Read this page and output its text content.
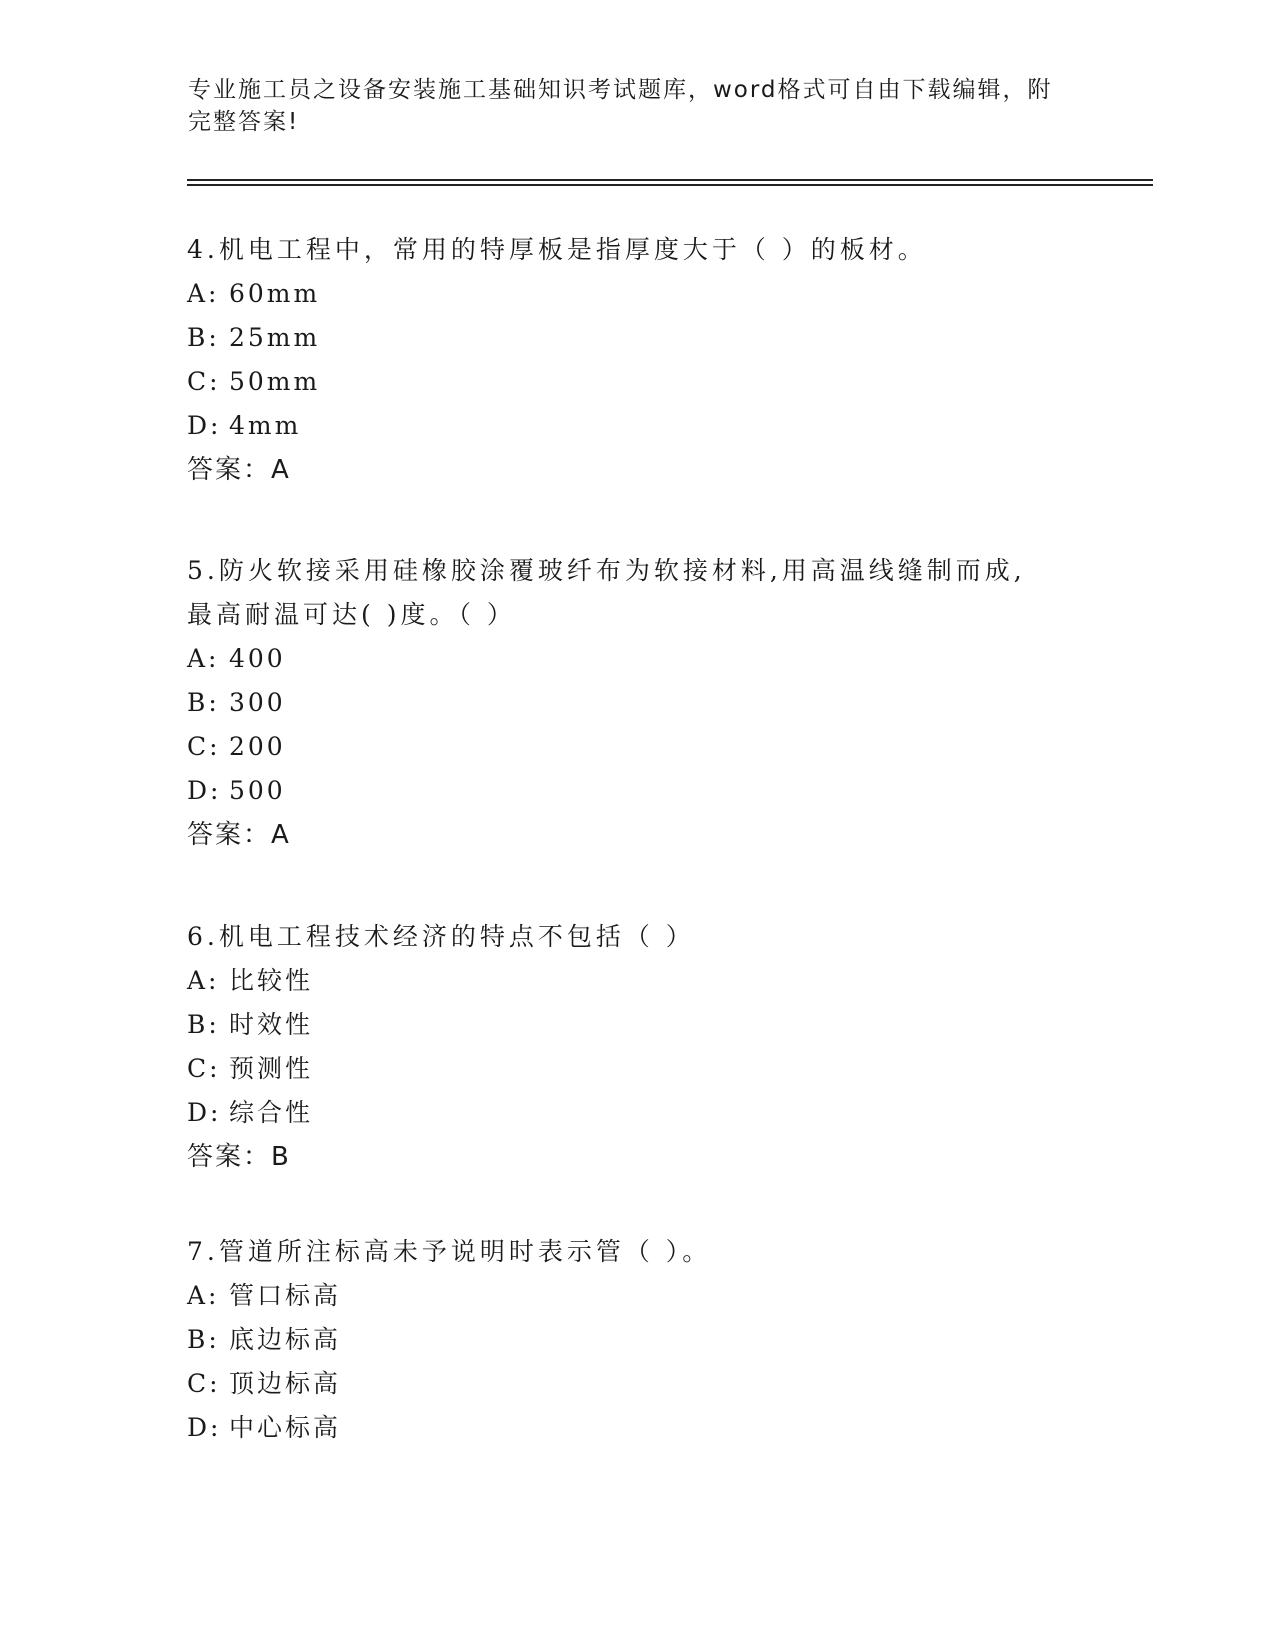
专业施工员之设备安装施工基础知识考试题库，word格式可自由下载编辑，附完整答案!

4.机电工程中，常用的特厚板是指厚度大于（ ）的板材。

A: 60mm

B: 25mm

C: 50mm

D: 4mm

答案：A

5.防火软接采用硅橡胶涂覆玻纤布为软接材料,用高温线缝制而成,最高耐温可达( )度。（ ）

A: 400

B: 300

C: 200

D: 500

答案：A

6.机电工程技术经济的特点不包括（ ）

A: 比较性

B: 时效性

C: 预测性

D: 综合性

答案：B

7.管道所注标高未予说明时表示管（ ）。

A: 管口标高

B: 底边标高

C: 顶边标高

D: 中心标高
